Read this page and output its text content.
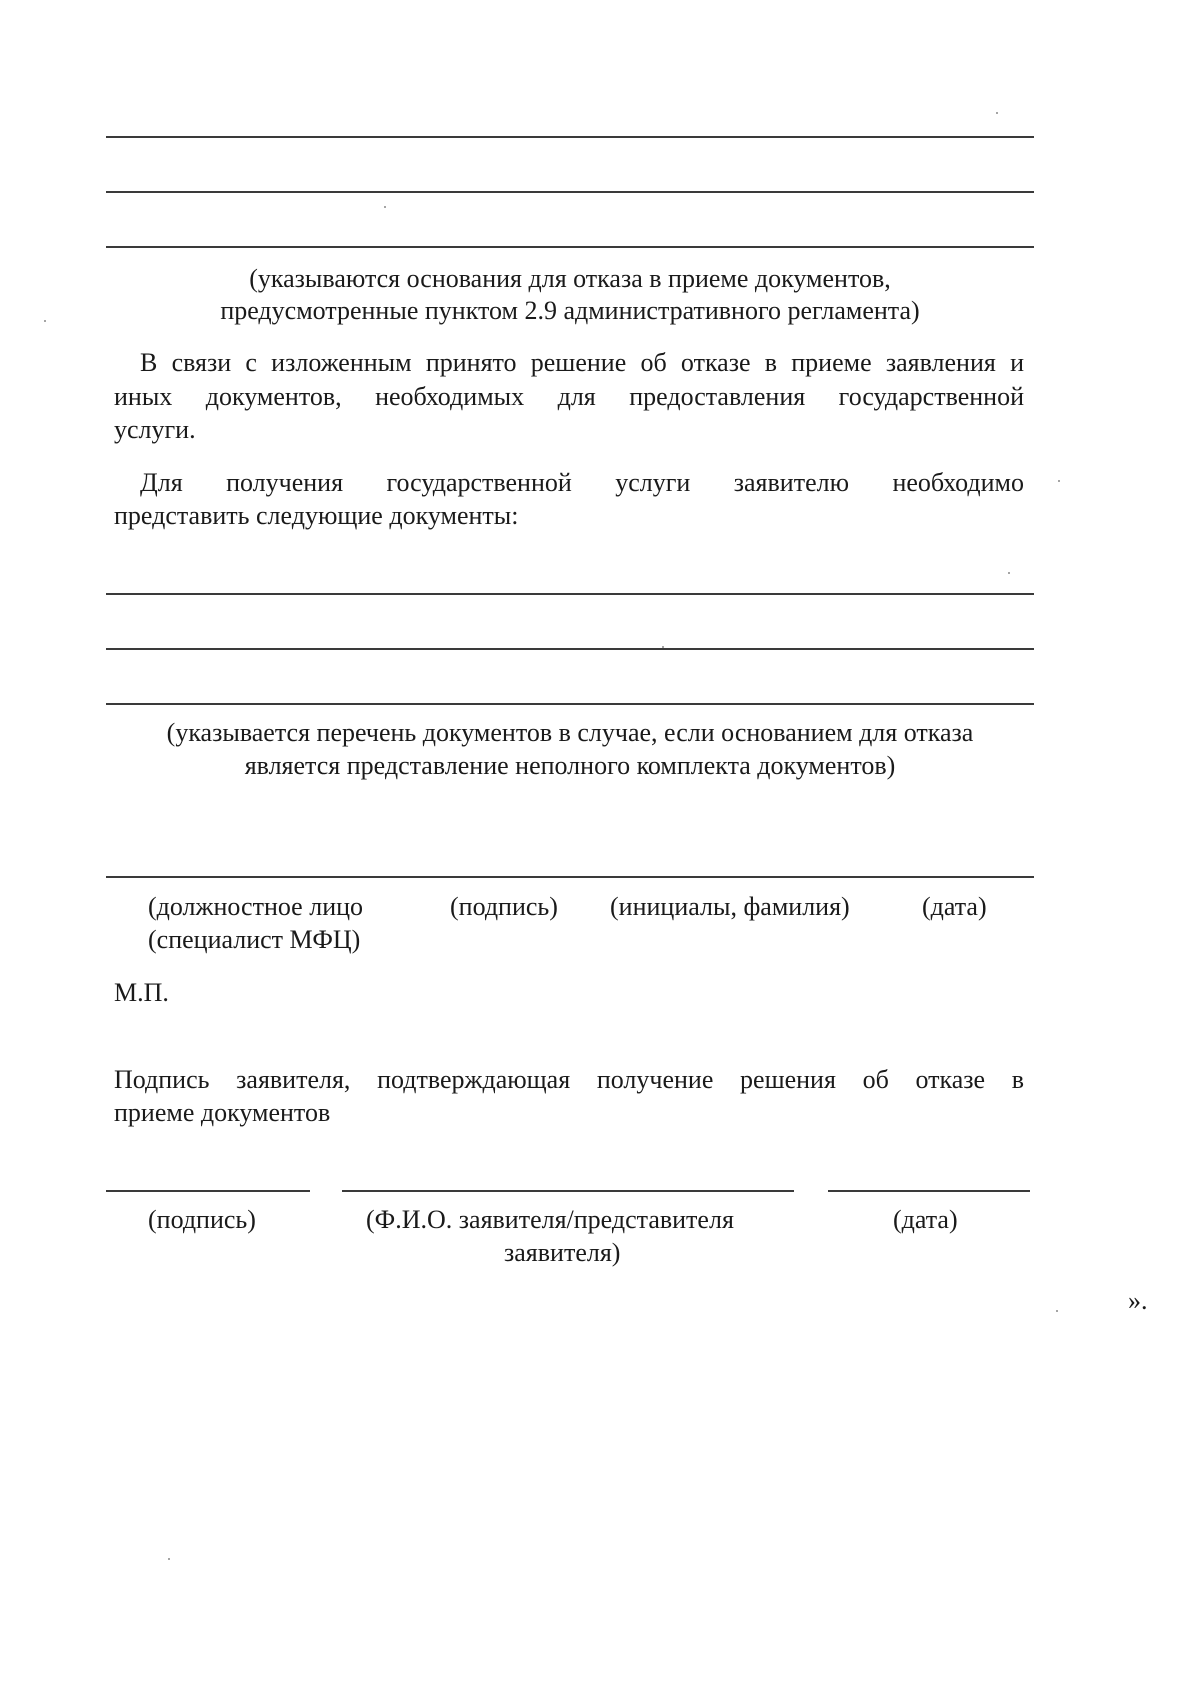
(указываются основания для отказа в приеме документов,
предусмотренные пунктом 2.9 административного регламента)
В связи с изложенным принято решение об отказе в приеме заявления и
иных документов, необходимых для предоставления государственной
услуги.
Для получения государственной услуги заявителю необходимо
представить следующие документы:
(указывается перечень документов в случае, если основанием для отказа
является представление неполного комплекта документов)
(должностное лицо
(специалист МФЦ)
(подпись) (инициалы, фамилия)	(дата)
М.П.
Подпись заявителя, подтверждающая получение решения об отказе в
приеме документов
(подпись)	(Ф.И.О. заявителя/представителя
заявителя)
(дата)
».
